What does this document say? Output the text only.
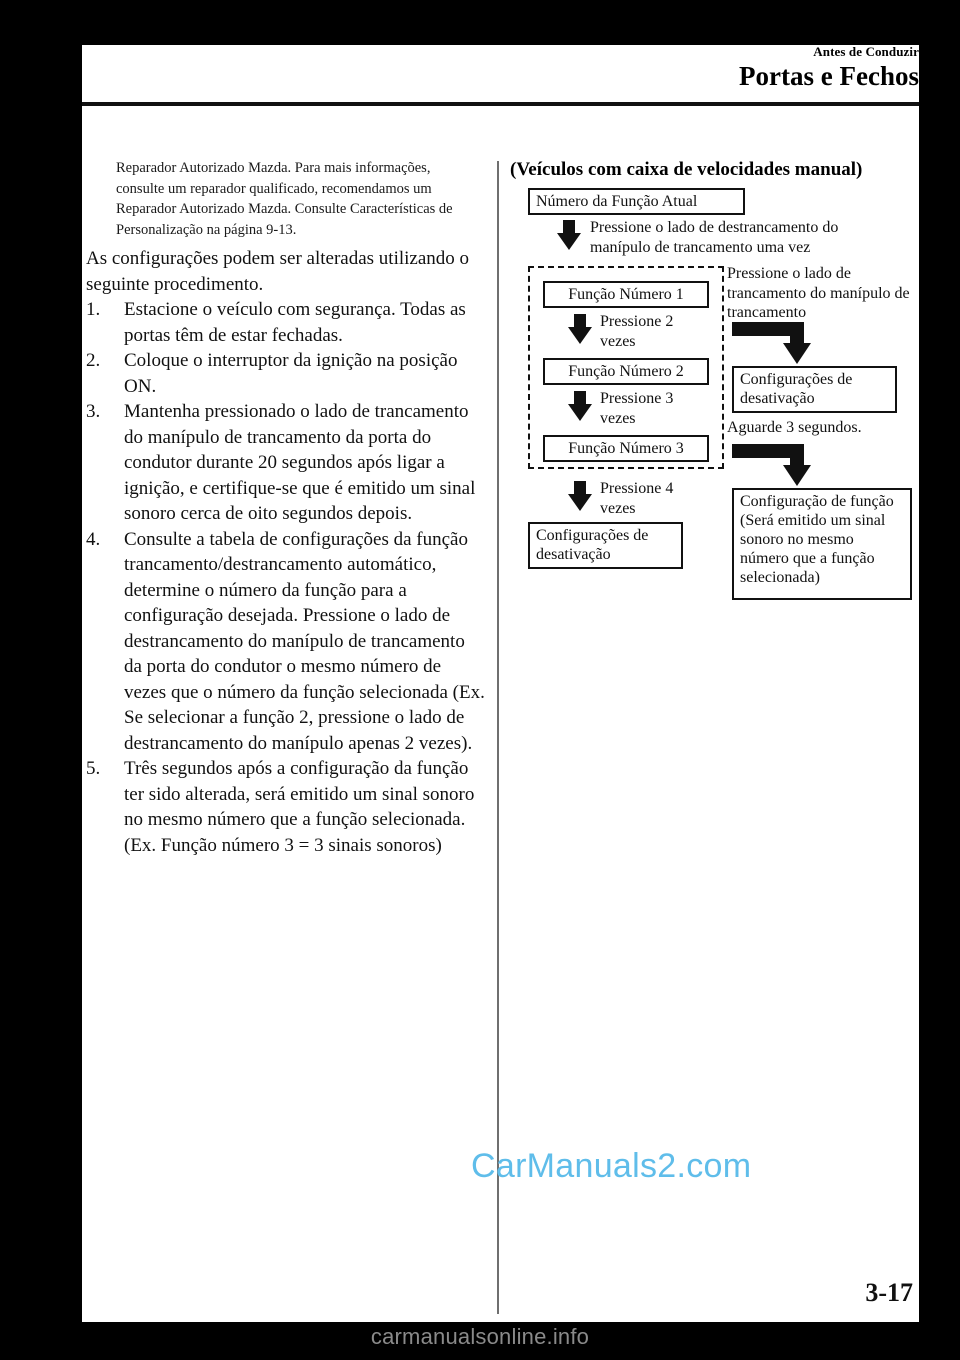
Antes de Conduzir
Portas e Fechos

Reparador Autorizado Mazda. Para mais informações, consulte um reparador qualificado, recomendamos um Reparador Autorizado Mazda. Consulte Características de Personalização na página 9-13.

As configurações podem ser alteradas utilizando o seguinte procedimento.

1.	Estacione o veículo com segurança. Todas as portas têm de estar fechadas.
2.	Coloque o interruptor da ignição na posição ON.
3.	Mantenha pressionado o lado de trancamento do manípulo de trancamento da porta do condutor durante 20 segundos após ligar a ignição, e certifique-se que é emitido um sinal sonoro cerca de oito segundos depois.
4.	Consulte a tabela de configurações da função trancamento/destrancamento automático, determine o número da função para a configuração desejada. Pressione o lado de destrancamento do manípulo de trancamento da porta do condutor o mesmo número de vezes que o número da função selecionada (Ex. Se selecionar a função 2, pressione o lado de destrancamento do manípulo apenas 2 vezes).
5.	Três segundos após a configuração da função ter sido alterada, será emitido um sinal sonoro no mesmo número que a função selecionada. (Ex. Função número 3 = 3 sinais sonoros)

(Veículos com caixa de velocidades manual)

Número da Função Atual
Pressione o lado de destrancamento do manípulo de trancamento uma vez
Função Número 1
Pressione 2 vezes
Função Número 2
Pressione 3 vezes
Função Número 3
Pressione 4 vezes
Configurações de desativação
Pressione o lado de trancamento do manípulo de trancamento
Configurações de desativação
Aguarde 3 segundos.
Configuração de função (Será emitido um sinal sonoro no mesmo número que a função selecionada)
CarManuals2.com
3-17
carmanualsonline.info
